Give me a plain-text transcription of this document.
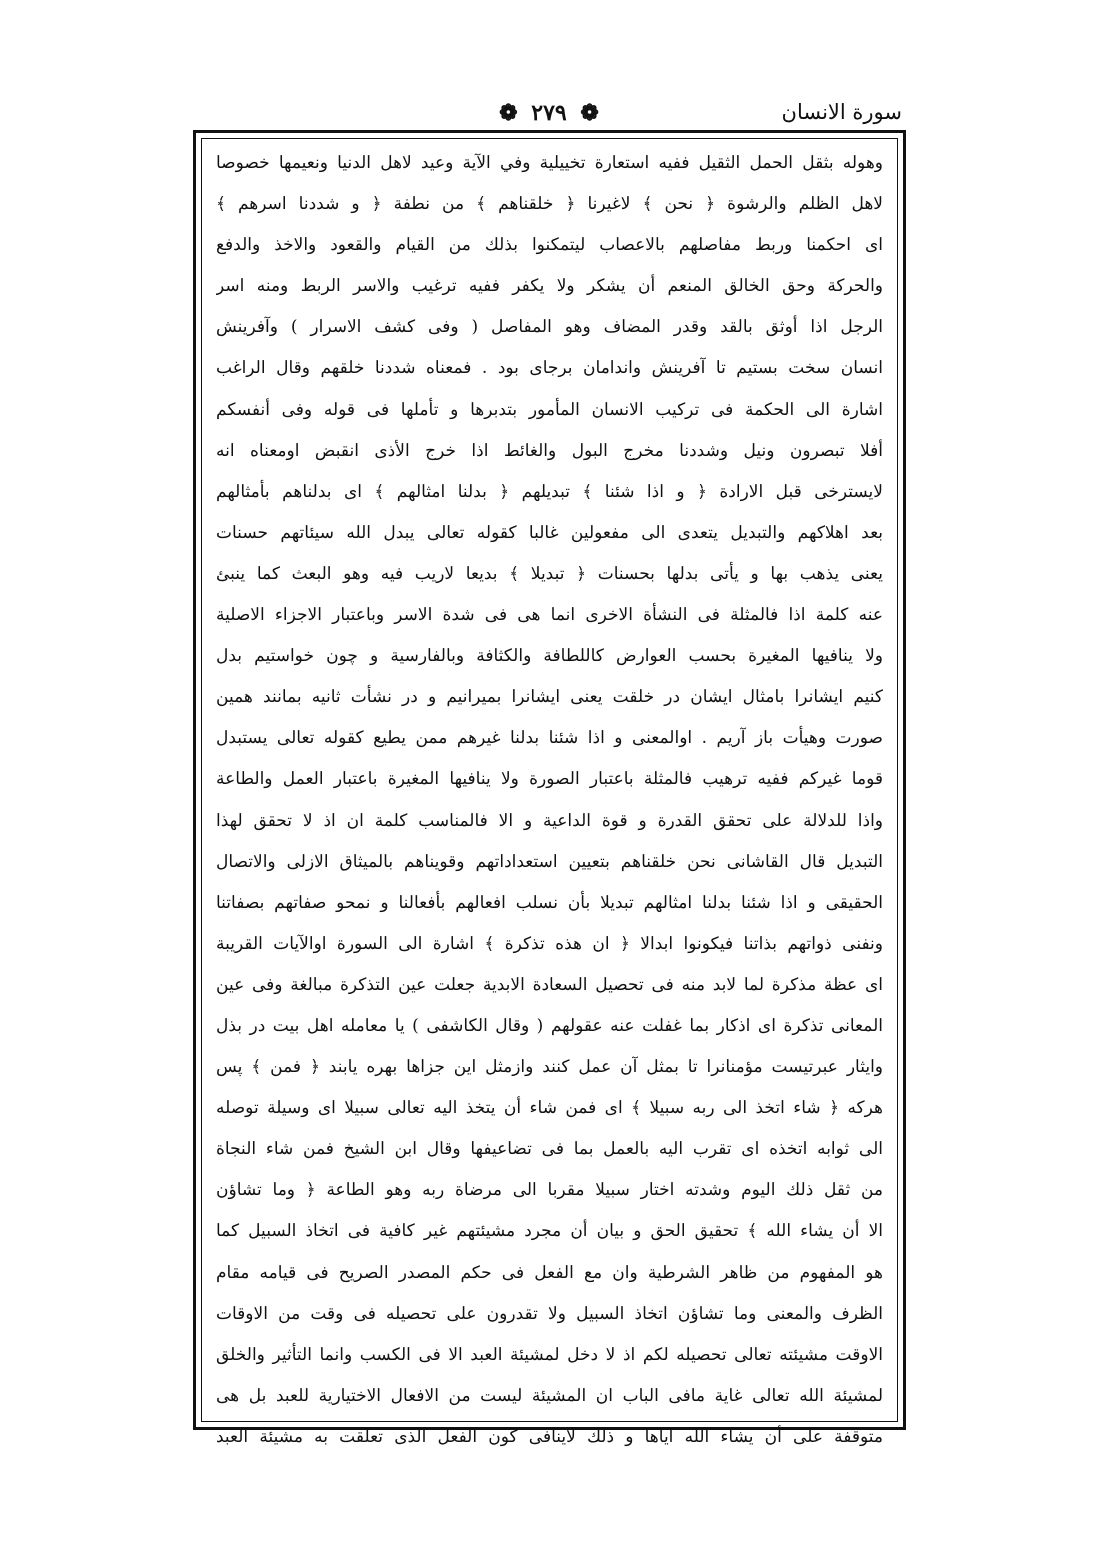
❁ ٢٧٩ ❁	سورة الانسان
وهوله بثقل الحمل الثقيل ففيه استعارة تخييلية وفي الآية وعيد لاهل الدنيا ونعيمها خصوصا
لاهل الظلم والرشوة ﴿ نحن ﴾ لاغيرنا ﴿ خلقناهم ﴾ من نطفة ﴿ و شددنا اسرهم ﴾
اى احكمنا وربط مفاصلهم بالاعصاب ليتمكنوا بذلك من القيام والقعود والاخذ والدفع
والحركة وحق الخالق المنعم أن يشكر ولا يكفر ففيه ترغيب والاسر الربط ومنه اسر
الرجل اذا أوثق بالقد وقدر المضاف وهو المفاصل ( وفى كشف الاسرار ) وآفرينش
انسان سخت بستيم تا آفرينش واندامان برجاى بود . فمعناه شددنا خلقهم وقال الراغب
اشارة الى الحكمة فى تركيب الانسان المأمور بتدبرها و تأملها فى قوله وفى أنفسكم
أفلا تبصرون ونيل وشددنا مخرج البول والغائط اذا خرج الأذى انقبض اومعناه انه
لايسترخى قبل الارادة ﴿ و اذا شئنا ﴾ تبديلهم ﴿ بدلنا امثالهم ﴾ اى بدلناهم بأمثالهم
بعد اهلاكهم والتبديل يتعدى الى مفعولين غالبا كقوله تعالى يبدل الله سيئاتهم حسنات
يعنى يذهب بها و يأتى بدلها بحسنات ﴿ تبديلا ﴾ بديعا لاريب فيه وهو البعث كما ينبئ
عنه كلمة اذا فالمثلة فى النشأة الاخرى انما هى فى شدة الاسر وباعتبار الاجزاء الاصلية
ولا ينافيها المغيرة بحسب العوارض كاللطافة والكثافة وبالفارسية و چون خواستيم بدل
كنيم ايشانرا بامثال ايشان در خلقت يعنى ايشانرا بميرانيم و در نشأت ثانيه بمانند همين
صورت وهيأت باز آريم . اوالمعنى و اذا شئنا بدلنا غيرهم ممن يطيع كقوله تعالى يستبدل
قوما غيركم ففيه ترهيب فالمثلة باعتبار الصورة ولا ينافيها المغيرة باعتبار العمل والطاعة
واذا للدلالة على تحقق القدرة و قوة الداعية و الا فالمناسب كلمة ان اذ لا تحقق لهذا
التبديل قال القاشانى نحن خلقناهم بتعيين استعداداتهم وقويناهم بالميثاق الازلى والاتصال
الحقيقى و اذا شئنا بدلنا امثالهم تبديلا بأن نسلب افعالهم بأفعالنا و نمحو صفاتهم بصفاتنا
ونفنى ذواتهم بذاتنا فيكونوا ابدالا ﴿ ان هذه تذكرة ﴾ اشارة الى السورة اوالآيات القريبة
اى عظة مذكرة لما لابد منه فى تحصيل السعادة الابدية جعلت عين التذكرة مبالغة وفى عين
المعانى تذكرة اى اذكار بما غفلت عنه عقولهم ( وقال الكاشفى ) يا معامله اهل بيت در بذل
وايثار عبرتيست مؤمنانرا تا بمثل آن عمل كنند وازمثل اين جزاها بهره يابند ﴿ فمن ﴾ پس
هركه ﴿ شاء اتخذ الى ربه سبيلا ﴾ اى فمن شاء أن يتخذ اليه تعالى سبيلا اى وسيلة توصله
الى ثوابه اتخذه اى تقرب اليه بالعمل بما فى تضاعيفها وقال ابن الشيخ فمن شاء النجاة
من ثقل ذلك اليوم وشدته اختار سبيلا مقربا الى مرضاة ربه وهو الطاعة ﴿ وما تشاؤن
الا أن يشاء الله ﴾ تحقيق الحق و بيان أن مجرد مشيئتهم غير كافية فى اتخاذ السبيل كما
هو المفهوم من ظاهر الشرطية وان مع الفعل فى حكم المصدر الصريح فى قيامه مقام
الظرف والمعنى وما تشاؤن اتخاذ السبيل ولا تقدرون على تحصيله فى وقت من الاوقات
الاوقت مشيئته تعالى تحصيله لكم اذ لا دخل لمشيئة العبد الا فى الكسب وانما التأثير والخلق
لمشيئة الله تعالى غاية مافى الباب ان المشيئة ليست من الافعال الاختيارية للعبد بل هى
متوقفة على أن يشاء الله اياها و ذلك لاينافى كون الفعل الذى تعلقت به مشيئة العبد
